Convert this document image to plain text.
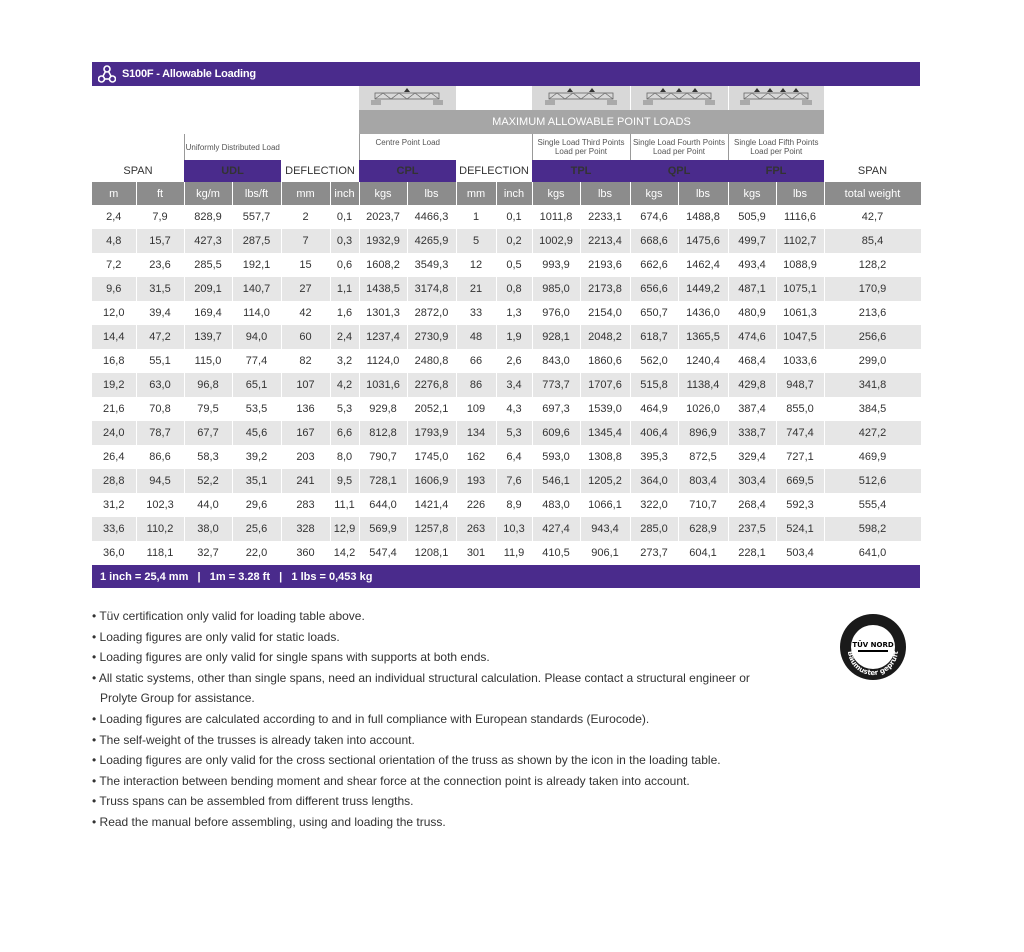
S100F - Allowable Loading

						MAXIMUM ALLOWABLE POINT LOADS										
		Uniformly Distributed Load				Centre Point Load				Single Load Third Points Load per Point		Single Load Fourth Points Load per Point		Single Load Fifth Points Load per Point		
SPAN		UDL		DEFLECTION		CPL		DEFLECTION		TPL		QPL		FPL		SPAN
m	ft	kg/m	lbs/ft	mm	inch	kgs	lbs	mm	inch	kgs	lbs	kgs	lbs	kgs	lbs	total weight
2,4	7,9	828,9	557,7	2	0,1	2023,7	4466,3	1	0,1	1011,8	2233,1	674,6	1488,8	505,9	1116,6	42,7
4,8	15,7	427,3	287,5	7	0,3	1932,9	4265,9	5	0,2	1002,9	2213,4	668,6	1475,6	499,7	1102,7	85,4
7,2	23,6	285,5	192,1	15	0,6	1608,2	3549,3	12	0,5	993,9	2193,6	662,6	1462,4	493,4	1088,9	128,2
9,6	31,5	209,1	140,7	27	1,1	1438,5	3174,8	21	0,8	985,0	2173,8	656,6	1449,2	487,1	1075,1	170,9
12,0	39,4	169,4	114,0	42	1,6	1301,3	2872,0	33	1,3	976,0	2154,0	650,7	1436,0	480,9	1061,3	213,6
14,4	47,2	139,7	94,0	60	2,4	1237,4	2730,9	48	1,9	928,1	2048,2	618,7	1365,5	474,6	1047,5	256,6
16,8	55,1	115,0	77,4	82	3,2	1124,0	2480,8	66	2,6	843,0	1860,6	562,0	1240,4	468,4	1033,6	299,0
19,2	63,0	96,8	65,1	107	4,2	1031,6	2276,8	86	3,4	773,7	1707,6	515,8	1138,4	429,8	948,7	341,8
21,6	70,8	79,5	53,5	136	5,3	929,8	2052,1	109	4,3	697,3	1539,0	464,9	1026,0	387,4	855,0	384,5
24,0	78,7	67,7	45,6	167	6,6	812,8	1793,9	134	5,3	609,6	1345,4	406,4	896,9	338,7	747,4	427,2
26,4	86,6	58,3	39,2	203	8,0	790,7	1745,0	162	6,4	593,0	1308,8	395,3	872,5	329,4	727,1	469,9
28,8	94,5	52,2	35,1	241	9,5	728,1	1606,9	193	7,6	546,1	1205,2	364,0	803,4	303,4	669,5	512,6
31,2	102,3	44,0	29,6	283	11,1	644,0	1421,4	226	8,9	483,0	1066,1	322,0	710,7	268,4	592,3	555,4
33,6	110,2	38,0	25,6	328	12,9	569,9	1257,8	263	10,3	427,4	943,4	285,0	628,9	237,5	524,1	598,2
36,0	118,1	32,7	22,0	360	14,2	547,4	1208,1	301	11,9	410,5	906,1	273,7	604,1	228,1	503,4	641,0
1 inch = 25,4 mm   |   1m = 3.28 ft   |   1 lbs = 0,453 kg
• Tüv certification only valid for loading table above.
• Loading figures are only valid for static loads.
• Loading figures are only valid for single spans with supports at both ends.
• All static systems, other than single spans, need an individual structural calculation. Please contact a structural engineer or
Prolyte Group for assistance.
• Loading figures are calculated according to and in full compliance with European standards (Eurocode).
• The self-weight of the trusses is already taken into account.
• Loading figures are only valid for the cross sectional orientation of the truss as shown by the icon in the loading table.
• The interaction between bending moment and shear force at the connection point is already taken into account.
• Truss spans can be assembled from different truss lengths.
• Read the manual before assembling, using and loading the truss.
Baumuster geprüft
TÜV NORD
